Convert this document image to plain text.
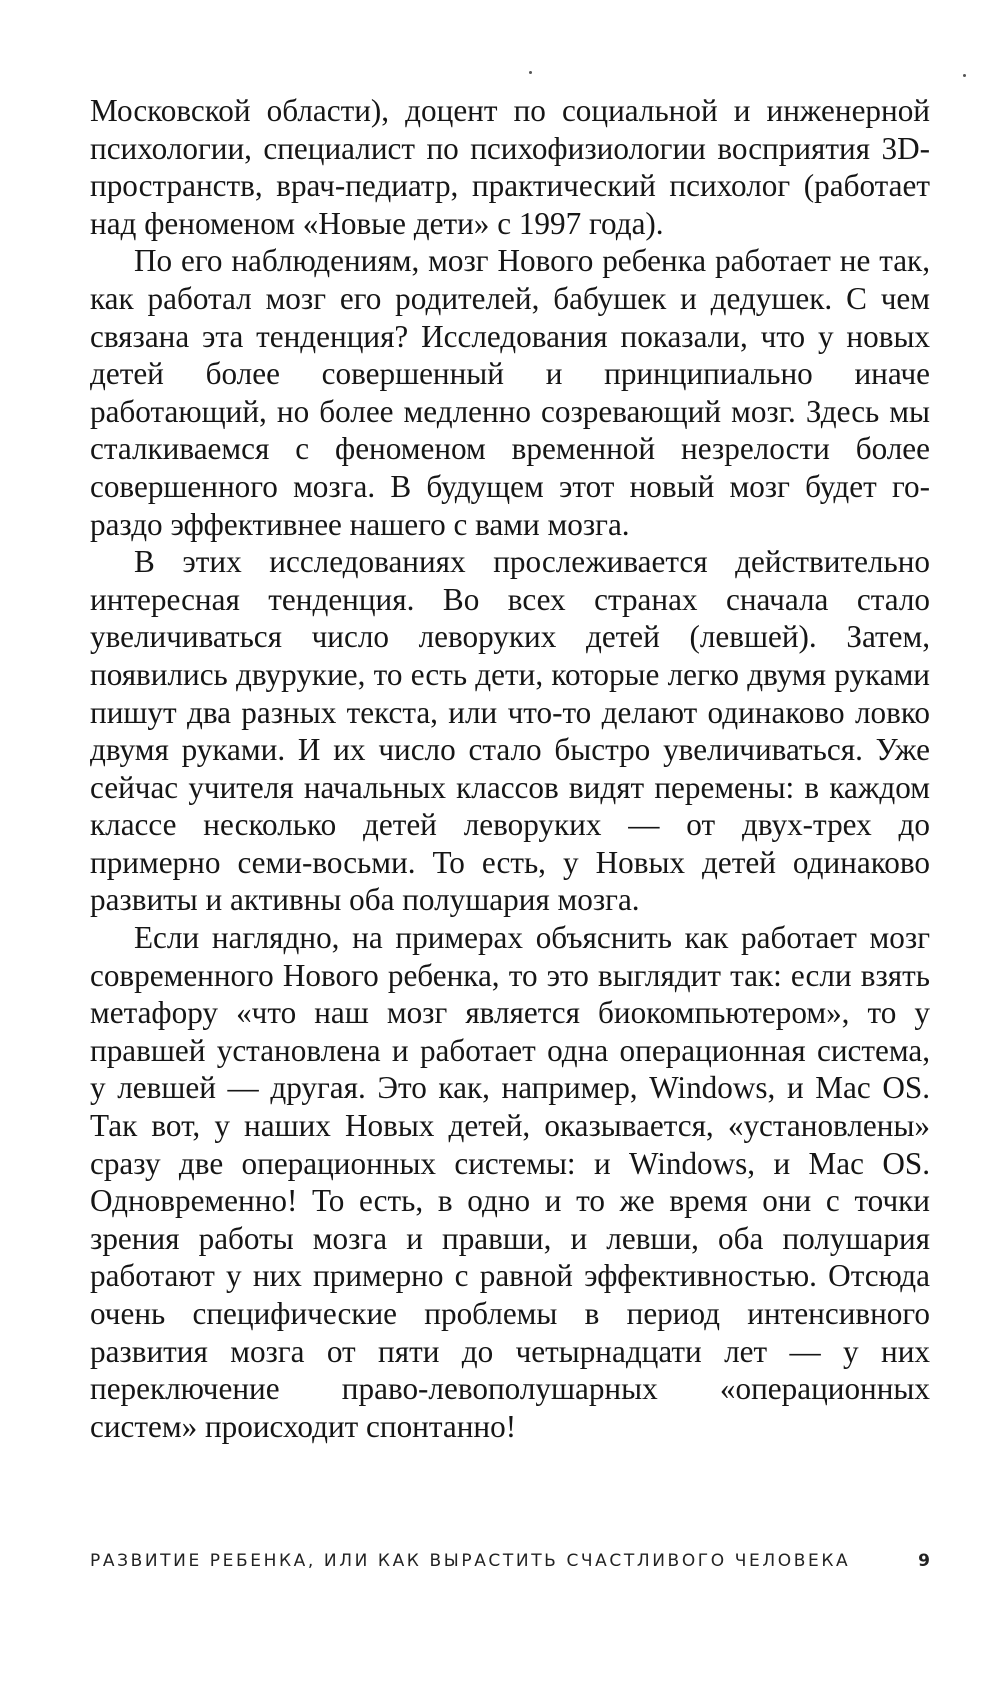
Московской области), доцент по социальной и инженерной психологии, специалист по психофизиологии восприятия 3D-пространств, врач-педиатр, практический психолог (работает над феноменом «Новые дети» с 1997 года).

По его наблюдениям, мозг Нового ребенка работает не так, как работал мозг его родителей, бабушек и дедушек. С чем связана эта тенденция? Исследования показали, что у новых детей более совершенный и принципиально иначе работающий, но более медленно созревающий мозг. Здесь мы сталкиваемся с феноменом временной незрелости более совершенного мозга. В будущем этот новый мозг будет гораздо эффективнее нашего с вами мозга.

В этих исследованиях прослеживается действительно интересная тенденция. Во всех странах сначала стало увеличиваться число леворуких детей (левшей). Затем, появились двурукие, то есть дети, которые легко двумя руками пишут два разных текста, или что-то делают одинаково ловко двумя руками. И их число стало быстро увеличиваться. Уже сейчас учителя начальных классов видят перемены: в каждом классе несколько детей леворуких — от двух-трех до примерно семи-восьми. То есть, у Новых детей одинаково развиты и активны оба полушария мозга.

Если наглядно, на примерах объяснить как работает мозг современного Нового ребенка, то это выглядит так: если взять метафору «что наш мозг является биокомпьютером», то у правшей установлена и работает одна операционная система, у левшей — другая. Это как, например, Windows, и Mac OS. Так вот, у наших Новых детей, оказывается, «установлены» сразу две операционных системы: и Windows, и Mac OS. Одновременно! То есть, в одно и то же время они с точки зрения работы мозга и правши, и левши, оба полушария работают у них примерно с равной эффективностью. Отсюда очень специфические проблемы в период интенсивного развития мозга от пяти до четырнадцати лет — у них переключение право-левополушарных «операционных систем» происходит спонтанно!

РАЗВИТИЕ РЕБЕНКА, ИЛИ КАК ВЫРАСТИТЬ СЧАСТЛИВОГО ЧЕЛОВЕКА	9
